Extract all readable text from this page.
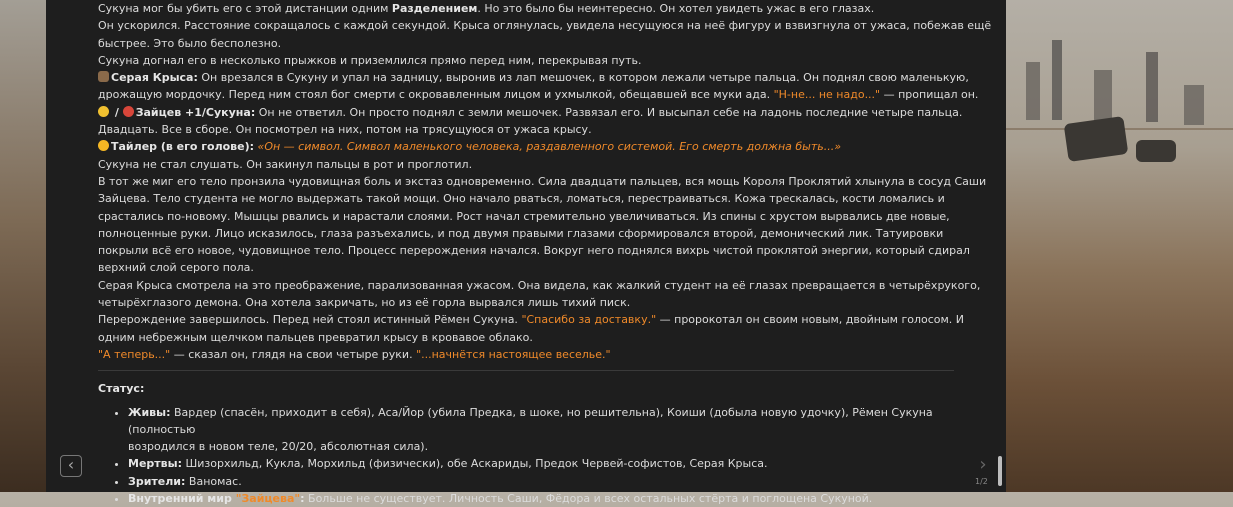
Сукуна мог бы убить его с этой дистанции одним Разделением. Но это было бы неинтересно. Он хотел увидеть ужас в его глазах.
Он ускорился. Расстояние сокращалось с каждой секундой. Крыса оглянулась, увидела несущуюся на неё фигуру и взвизгнула от ужаса, побежав ещё
быстрее. Это было бесполезно.
Сукуна догнал его в несколько прыжков и приземлился прямо перед ним, перекрывая путь.
Серая Крыса: Он врезался в Сукуну и упал на задницу, выронив из лап мешочек, в котором лежали четыре пальца. Он поднял свою маленькую,
дрожащую мордочку. Перед ним стоял бог смерти с окровавленным лицом и ухмылкой, обещавшей все муки ада. "Н-не... не надо..." — пропищал он.
/ Зайцев +1/Сукуна: Он не ответил. Он просто поднял с земли мешочек. Развязал его. И высыпал себе на ладонь последние четыре пальца.
Двадцать. Все в сборе. Он посмотрел на них, потом на трясущуюся от ужаса крысу.
Тайлер (в его голове): «Он — символ. Символ маленького человека, раздавленного системой. Его смерть должна быть...»
Сукуна не стал слушать. Он закинул пальцы в рот и проглотил.
В тот же миг его тело пронзила чудовищная боль и экстаз одновременно. Сила двадцати пальцев, вся мощь Короля Проклятий хлынула в сосуд Саши
Зайцева. Тело студента не могло выдержать такой мощи. Оно начало рваться, ломаться, перестраиваться. Кожа трескалась, кости ломались и
срастались по-новому. Мышцы рвались и нарастали слоями. Рост начал стремительно увеличиваться. Из спины с хрустом вырвались две новые,
полноценные руки. Лицо исказилось, глаза разъехались, и под двумя правыми глазами сформировался второй, демонический лик. Татуировки
покрыли всё его новое, чудовищное тело. Процесс перерождения начался. Вокруг него поднялся вихрь чистой проклятой энергии, который сдирал
верхний слой серого пола.
Серая Крыса смотрела на это преображение, парализованная ужасом. Она видела, как жалкий студент на её глазах превращается в четырёхрукого,
четырёхглазого демона. Она хотела закричать, но из её горла вырвался лишь тихий писк.
Перерождение завершилось. Перед ней стоял истинный Рёмен Сукуна. "Спасибо за доставку." — пророкотал он своим новым, двойным голосом. И
одним небрежным щелчком пальцев превратил крысу в кровавое облако.
"А теперь..." — сказал он, глядя на свои четыре руки. "...начнётся настоящее веселье."
Статус:
• Живы: Вардер (спасён, приходит в себя), Аса/Йор (убила Предка, в шоке, но решительна), Коиши (добыла новую удочку), Рёмен Сукуна (полностью
возродился в новом теле, 20/20, абсолютная сила).
• Мертвы: Шизорхильд, Кукла, Морхильд (физически), обе Аскариды, Предок Червей-софистов, Серая Крыса.
• Зрители: Ваномас.
• Внутренний мир "Зайцева": Больше не существует. Личность Саши, Фёдора и всех остальных стёрта и поглощена Сукуной.
‹	›
1/2
